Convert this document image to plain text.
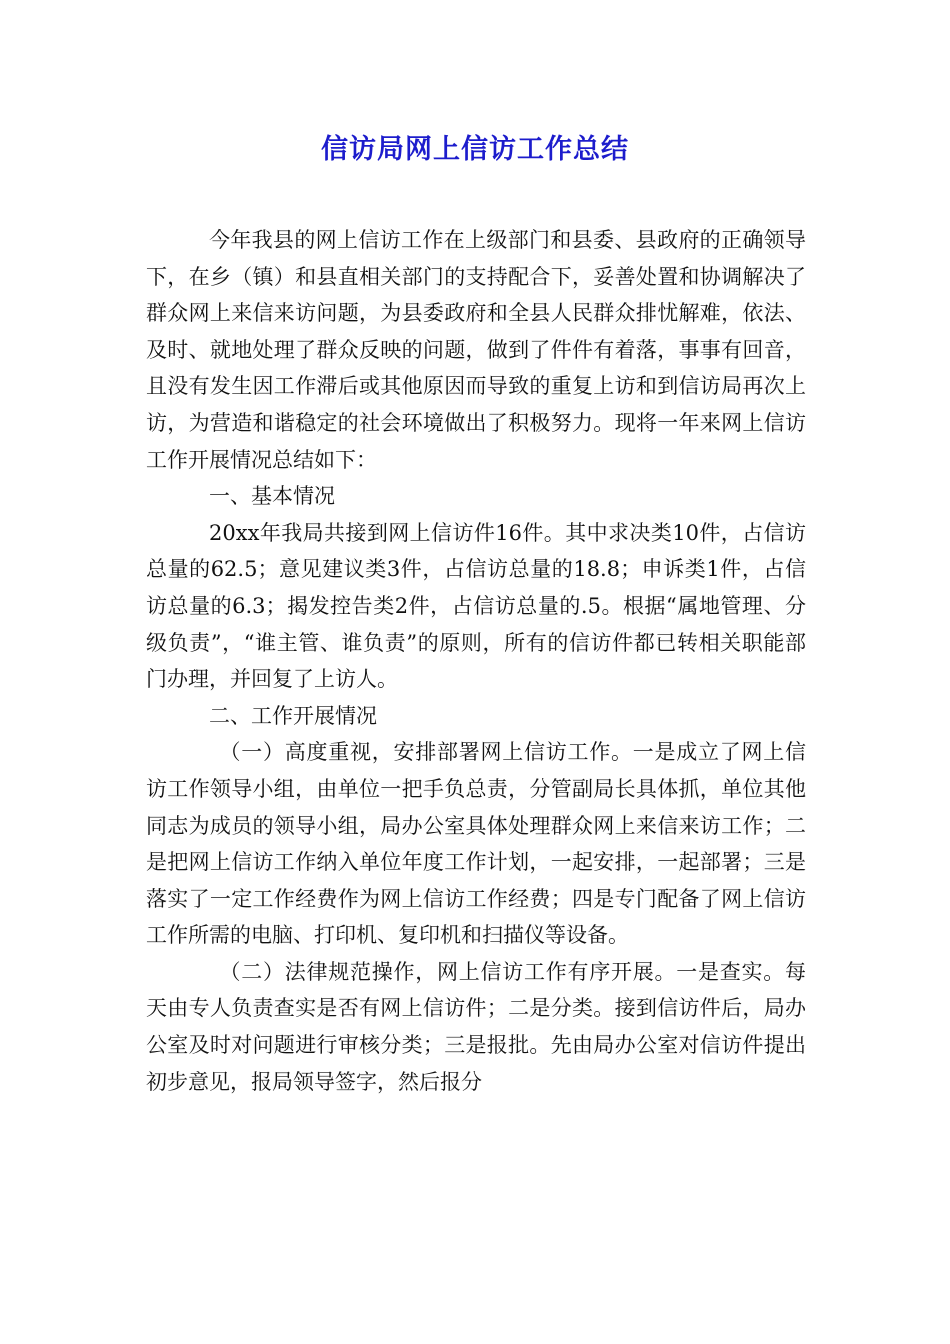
信访局网上信访工作总结

今年我县的网上信访工作在上级部门和县委、县政府的正确领导下，在乡（镇）和县直相关部门的支持配合下，妥善处置和协调解决了群众网上来信来访问题，为县委政府和全县人民群众排忧解难，依法、及时、就地处理了群众反映的问题，做到了件件有着落，事事有回音，且没有发生因工作滞后或其他原因而导致的重复上访和到信访局再次上访，为营造和谐稳定的社会环境做出了积极努力。现将一年来网上信访工作开展情况总结如下：

一、基本情况

20xx年我局共接到网上信访件16件。其中求决类10件，占信访总量的62.5；意见建议类3件，占信访总量的18.8；申诉类1件，占信访总量的6.3；揭发控告类2件，占信访总量的.5。根据“属地管理、分级负责”，“谁主管、谁负责”的原则，所有的信访件都已转相关职能部门办理，并回复了上访人。

二、工作开展情况

（一）高度重视，安排部署网上信访工作。一是成立了网上信访工作领导小组，由单位一把手负总责，分管副局长具体抓，单位其他同志为成员的领导小组，局办公室具体处理群众网上来信来访工作；二是把网上信访工作纳入单位年度工作计划，一起安排，一起部署；三是落实了一定工作经费作为网上信访工作经费；四是专门配备了网上信访工作所需的电脑、打印机、复印机和扫描仪等设备。

（二）法律规范操作，网上信访工作有序开展。一是查实。每天由专人负责查实是否有网上信访件；二是分类。接到信访件后，局办公室及时对问题进行审核分类；三是报批。先由局办公室对信访件提出初步意见，报局领导签字，然后报分
